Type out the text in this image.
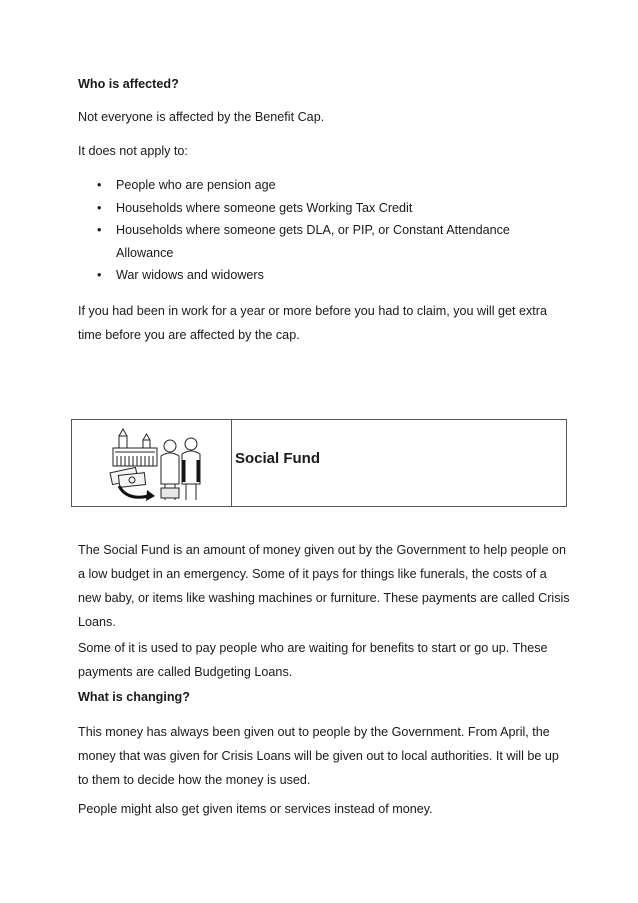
Who is affected?

Not everyone is affected by the Benefit Cap.

It does not apply to:

• People who are pension age
• Households where someone gets Working Tax Credit
• Households where someone gets DLA, or PIP, or Constant Attendance Allowance
• War widows and widowers

If you had been in work for a year or more before you had to claim, you will get extra time before you are affected by the cap.

Social Fund

The Social Fund is an amount of money given out by the Government to help people on a low budget in an emergency. Some of it pays for things like funerals, the costs of a new baby, or items like washing machines or furniture. These payments are called Crisis Loans.

Some of it is used to pay people who are waiting for benefits to start or go up. These payments are called Budgeting Loans.

What is changing?

This money has always been given out to people by the Government. From April, the money that was given for Crisis Loans will be given out to local authorities. It will be up to them to decide how the money is used.

People might also get given items or services instead of money.
